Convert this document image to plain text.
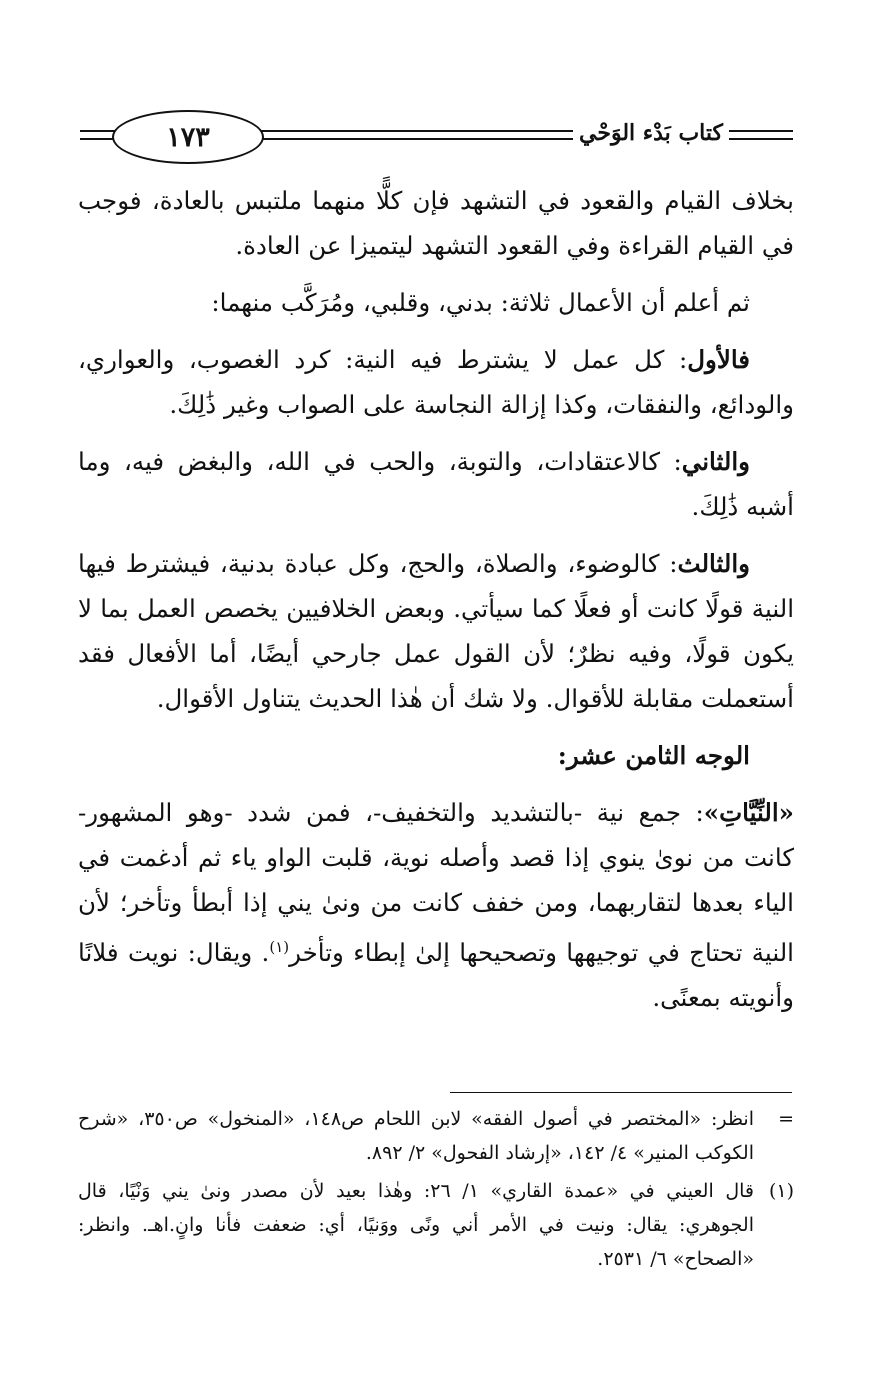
١٧٣	كتاب بَدْء الوَحْي

بخلاف القيام والقعود في التشهد فإن كلًّا منهما ملتبس بالعادة، فوجب في القيام القراءة وفي القعود التشهد ليتميزا عن العادة.

ثم أعلم أن الأعمال ثلاثة: بدني، وقلبي، ومُرَكَّب منهما:

فالأول: كل عمل لا يشترط فيه النية: كرد الغصوب، والعواري، والودائع، والنفقات، وكذا إزالة النجاسة على الصواب وغير ذَٰلِكَ.

والثاني: كالاعتقادات، والتوبة، والحب في الله، والبغض فيه، وما أشبه ذَٰلِكَ.

والثالث: كالوضوء، والصلاة، والحج، وكل عبادة بدنية، فيشترط فيها النية قولًا كانت أو فعلًا كما سيأتي. وبعض الخلافيين يخصص العمل بما لا يكون قولًا، وفيه نظرٌ؛ لأن القول عمل جارحي أيضًا، أما الأفعال فقد أستعملت مقابلة للأقوال. ولا شك أن هٰذا الحديث يتناول الأقوال.

الوجه الثامن عشر:

«النِّيَّاتِ»: جمع نية -بالتشديد والتخفيف-، فمن شدد -وهو المشهور- كانت من نوىٰ ينوي إذا قصد وأصله نوية، قلبت الواو ياء ثم أدغمت في الياء بعدها لتقاربهما، ومن خفف كانت من ونىٰ يني إذا أبطأ وتأخر؛ لأن النية تحتاج في توجيهها وتصحيحها إلىٰ إبطاء وتأخر$^{(١)}$. ويقال: نويت فلانًا وأنويته بمعنًى.

=
انظر: «المختصر في أصول الفقه» لابن اللحام ص١٤٨، «المنخول» ص٣٥٠، «شرح الكوكب المنير» ٤/ ١٤٢، «إرشاد الفحول» ٢/ ٨٩٢.
(١)
قال العيني في «عمدة القاري» ١/ ٢٦: وهٰذا بعيد لأن مصدر ونىٰ يني وَنْيًا، قال الجوهري: يقال: ونيت في الأمر أني ونًى ووَنيًا، أي: ضعفت فأنا وانٍ.اهـ. وانظر: «الصحاح» ٦/ ٢٥٣١.
